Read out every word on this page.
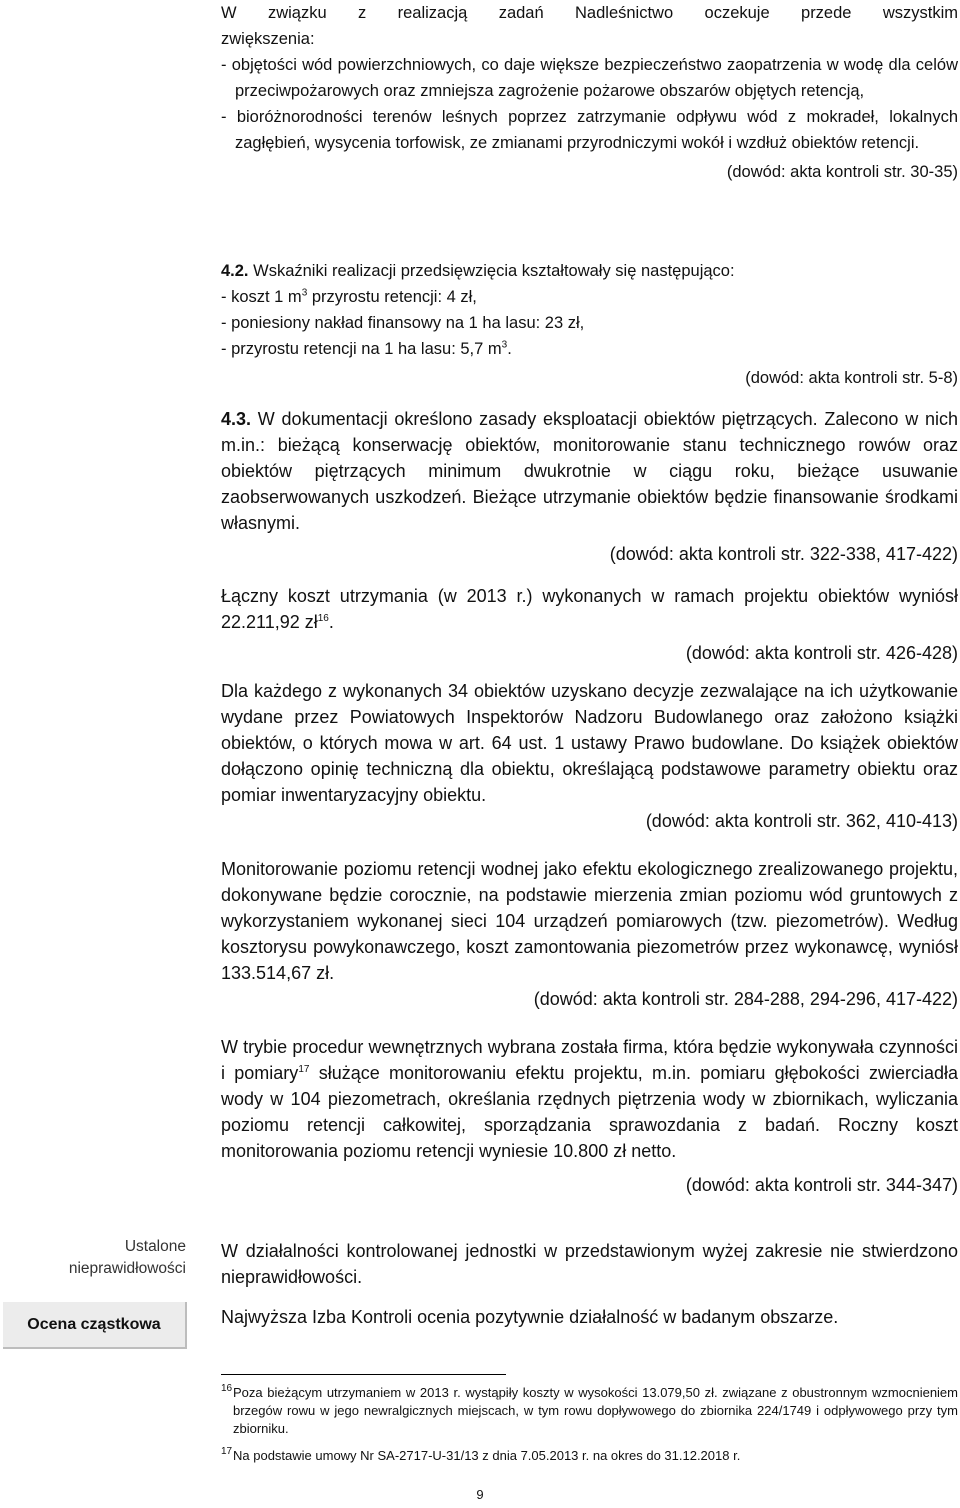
W związku z realizacją zadań Nadleśnictwo oczekuje przede wszystkim
zwiększenia:
- objętości wód powierzchniowych, co daje większe bezpieczeństwo zaopatrzenia w wodę dla celów przeciwpożarowych oraz zmniejsza zagrożenie pożarowe obszarów objętych retencją,
- bioróżnorodności terenów leśnych poprzez zatrzymanie odpływu wód z mokradeł, lokalnych zagłębień, wysycenia torfowisk, ze zmianami przyrodniczymi wokół i wzdłuż obiektów retencji.
(dowód: akta kontroli str. 30-35)
4.2. Wskaźniki realizacji przedsięwzięcia kształtowały się następująco:
- koszt 1 $m^3$ przyrostu retencji: 4 zł,
- poniesiony nakład finansowy na 1 ha lasu: 23 zł,
- przyrostu retencji na 1 ha lasu: 5,7 $m^3$.
(dowód: akta kontroli str. 5-8)
4.3. W dokumentacji określono zasady eksploatacji obiektów piętrzących. Zalecono w nich m.in.: bieżącą konserwację obiektów, monitorowanie stanu technicznego rowów oraz obiektów piętrzących minimum dwukrotnie w ciągu roku, bieżące usuwanie zaobserwowanych uszkodzeń. Bieżące utrzymanie obiektów będzie finansowanie środkami własnymi.
(dowód: akta kontroli str. 322-338, 417-422)
Łączny koszt utrzymania (w 2013 r.) wykonanych w ramach projektu obiektów wyniósł 22.211,92 $zł^{16}$.
(dowód: akta kontroli str. 426-428)
Dla każdego z wykonanych 34 obiektów uzyskano decyzje zezwalające na ich użytkowanie wydane przez Powiatowych Inspektorów Nadzoru Budowlanego oraz założono książki obiektów, o których mowa w art. 64 ust. 1 ustawy Prawo budowlane. Do książek obiektów dołączono opinię techniczną dla obiektu, określającą podstawowe parametry obiektu oraz pomiar inwentaryzacyjny obiektu.
(dowód: akta kontroli str. 362, 410-413)
Monitorowanie poziomu retencji wodnej jako efektu ekologicznego zrealizowanego projektu, dokonywane będzie corocznie, na podstawie mierzenia zmian poziomu wód gruntowych z wykorzystaniem wykonanej sieci 104 urządzeń pomiarowych (tzw. piezometrów). Według kosztorysu powykonawczego, koszt zamontowania piezometrów przez wykonawcę, wyniósł 133.514,67 zł.
(dowód: akta kontroli str. 284-288, 294-296, 417-422)
W trybie procedur wewnętrznych wybrana została firma, która będzie wykonywała czynności i pomiary$^{17}$ służące monitorowaniu efektu projektu, m.in. pomiaru głębokości zwierciadła wody w 104 piezometrach, określania rzędnych piętrzenia wody w zbiornikach, wyliczania poziomu retencji całkowitej, sporządzania sprawozdania z badań. Roczny koszt monitorowania poziomu retencji wyniesie 10.800 zł netto.
(dowód: akta kontroli str. 344-347)
W działalności kontrolowanej jednostki w przedstawionym wyżej zakresie nie stwierdzono nieprawidłowości.
Najwyższa Izba Kontroli ocenia pozytywnie działalność w badanym obszarze.
Ustalone
nieprawidłowości
Ocena cząstkowa
16 Poza bieżącym utrzymaniem w 2013 r. wystąpiły koszty w wysokości 13.079,50 zł. związane z obustronnym wzmocnieniem brzegów rowu w jego newralgicznych miejscach, w tym rowu dopływowego do zbiornika 224/1749 i odpływowego przy tym zbiorniku.
17 Na podstawie umowy Nr SA-2717-U-31/13 z dnia 7.05.2013 r. na okres do 31.12.2018 r.
9
